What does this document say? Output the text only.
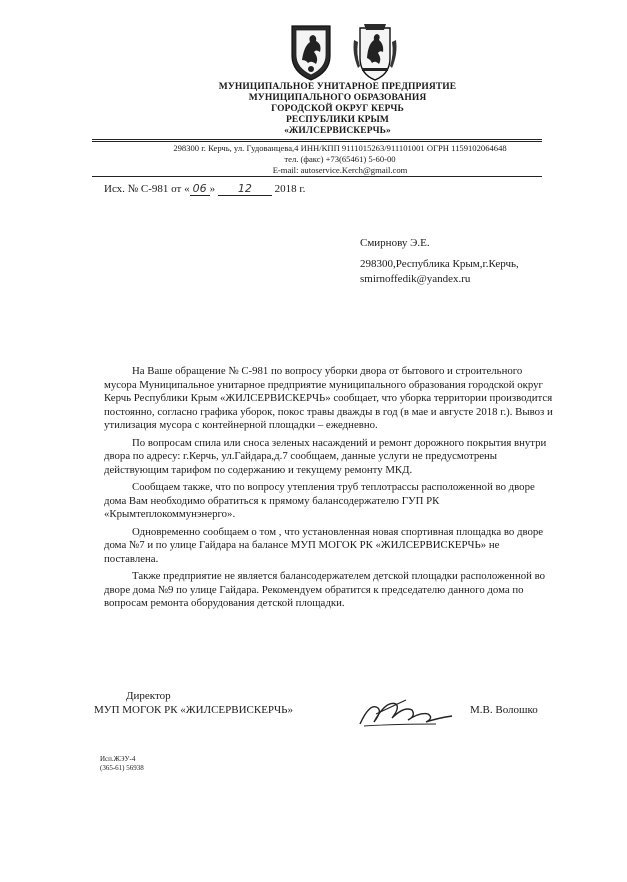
МУНИЦИПАЛЬНОЕ УНИТАРНОЕ ПРЕДПРИЯТИЕ
МУНИЦИПАЛЬНОГО ОБРАЗОВАНИЯ
ГОРОДСКОЙ ОКРУГ КЕРЧЬ
РЕСПУБЛИКИ КРЫМ
«ЖИЛСЕРВИСКЕРЧЬ»
298300 г. Керчь, ул. Гудованцева,4 ИНН/КПП 9111015263/911101001 ОГРН 1159102064648
тел. (факс) +73(65461) 5-60-00
E-mail: autoservice.Kerch@gmail.com
Исх. № С-981 от « 06 » 12 2018 г.
Смирнову Э.Е.
298300,Республика Крым,г.Керчь,
smirnoffedik@yandex.ru

На Ваше обращение № С-981 по вопросу уборки двора от бытового и строительного мусора Муниципальное унитарное предприятие муниципального образования городской округ Керчь Республики Крым «ЖИЛСЕРВИСКЕРЧЬ» сообщает, что уборка территории производится постоянно, согласно графика уборок, покос травы дважды в год (в мае и августе 2018 г.). Вывоз и утилизация мусора с контейнерной площадки – ежедневно.

По вопросам спила или сноса зеленых насаждений и ремонт дорожного покрытия внутри двора по адресу: г.Керчь, ул.Гайдара,д.7 сообщаем, данные услуги не предусмотрены действующим тарифом по содержанию и текущему ремонту МКД.

Сообщаем также, что по вопросу утепления труб теплотрассы расположенной во дворе дома Вам необходимо обратиться к прямому балансодержателю ГУП РК «Крымтеплокоммунэнерго».

Одновременно сообщаем о том , что установленная новая спортивная площадка во дворе дома №7 и по улице Гайдара на балансе МУП МОГОК РК «ЖИЛСЕРВИСКЕРЧЬ» не поставлена.

Также предприятие не является балансодержателем детской площадки расположенной во дворе дома №9 по улице Гайдара. Рекомендуем обратится к председателю данного дома по вопросам ремонта оборудования детской площадки.

Директор
МУП МОГОК РК «ЖИЛСЕРВИСКЕРЧЬ»	М.В. Волошко
Исп.ЖЭУ-4
(365-61) 56938
